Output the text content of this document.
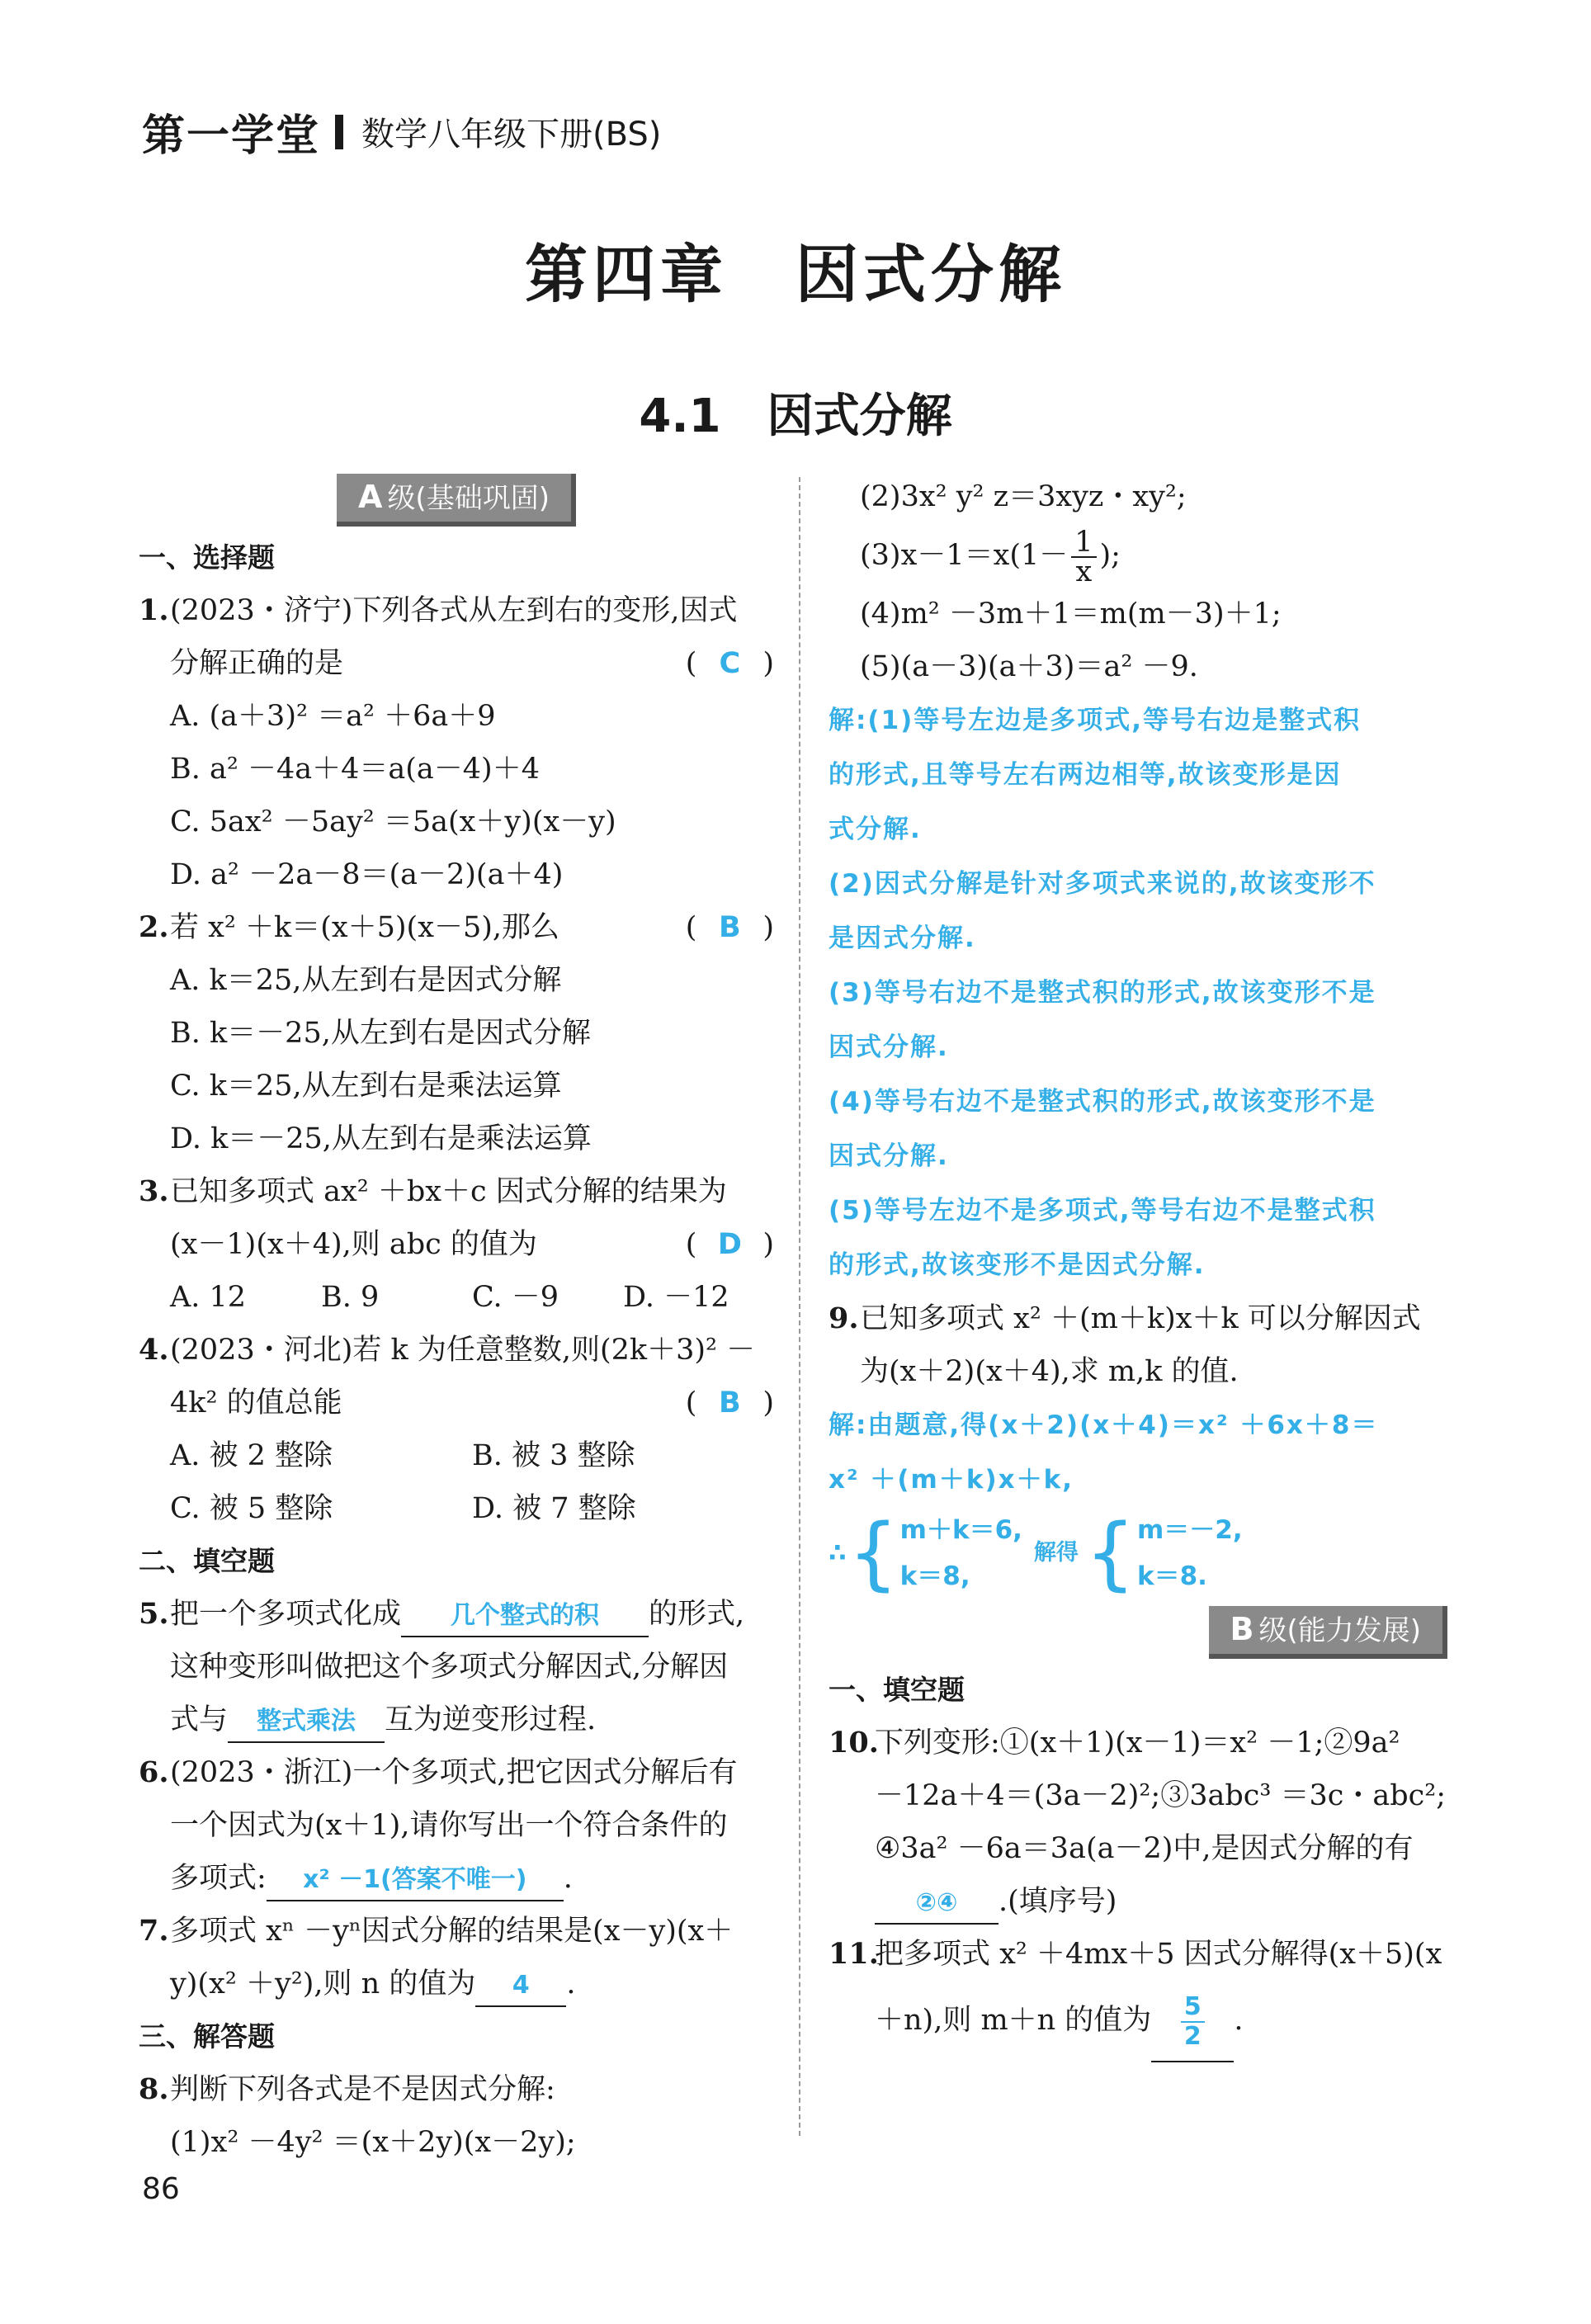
第一学堂 数学八年级下册(BS)
第四章　因式分解
4.1　因式分解
A 级(基础巩固)
一、选择题
1. (2023・济宁)下列各式从左到右的变形,因式
分解正确的是	( C )
A. (a＋3)² ＝a² ＋6a＋9
B. a² －4a＋4＝a(a－4)＋4
C. 5ax² －5ay² ＝5a(x＋y)(x－y)
D. a² －2a－8＝(a－2)(a＋4)
2. 若 x² ＋k＝(x＋5)(x－5),那么	( B )
A. k＝25,从左到右是因式分解
B. k＝－25,从左到右是因式分解
C. k＝25,从左到右是乘法运算
D. k＝－25,从左到右是乘法运算
3. 已知多项式 ax² ＋bx＋c 因式分解的结果为
(x－1)(x＋4),则 abc 的值为	( D )
A. 12	B. 9	C. －9	D. －12
4. (2023・河北)若 k 为任意整数,则(2k＋3)² －
4k² 的值总能	( B )
A. 被 2 整除	B. 被 3 整除
C. 被 5 整除	D. 被 7 整除
二、填空题
5. 把一个多项式化成 几个整式的积 的形式,
这种变形叫做把这个多项式分解因式,分解因
式与 整式乘法 互为逆变形过程.
6. (2023・浙江)一个多项式,把它因式分解后有
一个因式为(x＋1),请你写出一个符合条件的
多项式: x² －1(答案不唯一) .
7. 多项式 xⁿ －yⁿ因式分解的结果是(x－y)(x＋
y)(x² ＋y²),则 n 的值为 4 .
三、解答题
8. 判断下列各式是不是因式分解:
(1)x² －4y² ＝(x＋2y)(x－2y);
(2)3x² y² z＝3xyz・xy²;
$(3)x-1=x(1- \frac{1}{x}$ );
(4)m² －3m＋1＝m(m－3)＋1;
(5)(a－3)(a＋3)＝a² －9.
解:(1)等号左边是多项式,等号右边是整式积
的形式,且等号左右两边相等,故该变形是因
式分解.
(2)因式分解是针对多项式来说的,故该变形不
是因式分解.
(3)等号右边不是整式积的形式,故该变形不是
因式分解.
(4)等号右边不是整式积的形式,故该变形不是
因式分解.
(5)等号左边不是多项式,等号右边不是整式积
的形式,故该变形不是因式分解.
9. 已知多项式 x² ＋(m＋k)x＋k 可以分解因式
为(x＋2)(x＋4),求 m,k 的值.
解:由题意,得(x＋2)(x＋4)＝x² ＋6x＋8＝
x² ＋(m＋k)x＋k,
∴ { m＋k＝6,
k＝8,
解得 { m＝－2,
k＝8.
B 级(能力发展)
一、填空题
10.
下列变形:①(x＋1)(x－1)＝x² －1;②9a²
－12a＋4＝(3a－2)²;③3abc³ ＝3c・abc²;
④3a² －6a＝3a(a－2)中,是因式分解的有
②④ .(填序号)
11.
把多项式 x² ＋4mx＋5 因式分解得(x＋5)(x
＋n),则 m＋n 的值为 $\frac{5}{2}$ .
86
